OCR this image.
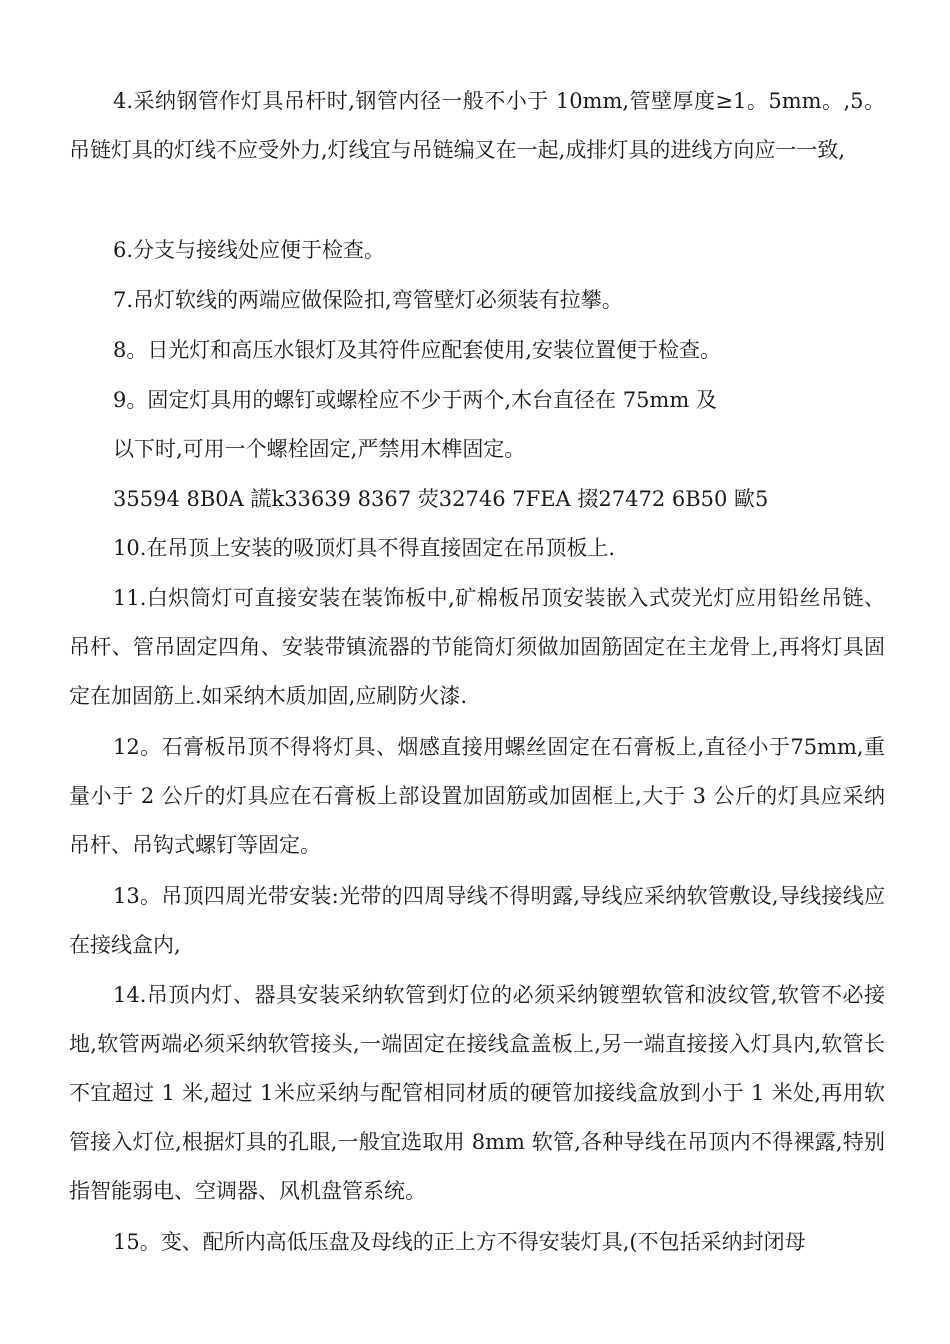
4.采纳钢管作灯具吊杆时,钢管内径一般不小于 10mm,管壁厚度≥1。5mm。,5。吊链灯具的灯线不应受外力,灯线宜与吊链编叉在一起,成排灯具的进线方向应一一致,

6.分支与接线处应便于检查。

7.吊灯软线的两端应做保险扣,弯管壁灯必须装有拉攀。

8。日光灯和高压水银灯及其符件应配套使用,安装位置便于检查。

9。固定灯具用的螺钉或螺栓应不少于两个,木台直径在 75mm 及

以下时,可用一个螺栓固定,严禁用木榫固定。

35594 8B0A 謊k33639 8367 荧32746 7FEA 掇27472 6B50 歐5

10.在吊顶上安装的吸顶灯具不得直接固定在吊顶板上.

11.白炽筒灯可直接安装在装饰板中,矿棉板吊顶安装嵌入式荧光灯应用铅丝吊链、吊杆、管吊固定四角、安装带镇流器的节能筒灯须做加固筋固定在主龙骨上,再将灯具固定在加固筋上.如采纳木质加固,应刷防火漆.

12。石膏板吊顶不得将灯具、烟感直接用螺丝固定在石膏板上,直径小于75mm,重量小于 2 公斤的灯具应在石膏板上部设置加固筋或加固框上,大于 3 公斤的灯具应采纳吊杆、吊钩式螺钉等固定。

13。吊顶四周光带安装:光带的四周导线不得明露,导线应采纳软管敷设,导线接线应在接线盒内,

14.吊顶内灯、器具安装采纳软管到灯位的必须采纳镀塑软管和波纹管,软管不必接地,软管两端必须采纳软管接头,一端固定在接线盒盖板上,另一端直接接入灯具内,软管长不宜超过 1 米,超过 1米应采纳与配管相同材质的硬管加接线盒放到小于 1 米处,再用软管接入灯位,根据灯具的孔眼,一般宜选取用 8mm 软管,各种导线在吊顶内不得裸露,特别指智能弱电、空调器、风机盘管系统。

15。变、配所内高低压盘及母线的正上方不得安装灯具,(不包括采纳封闭母
